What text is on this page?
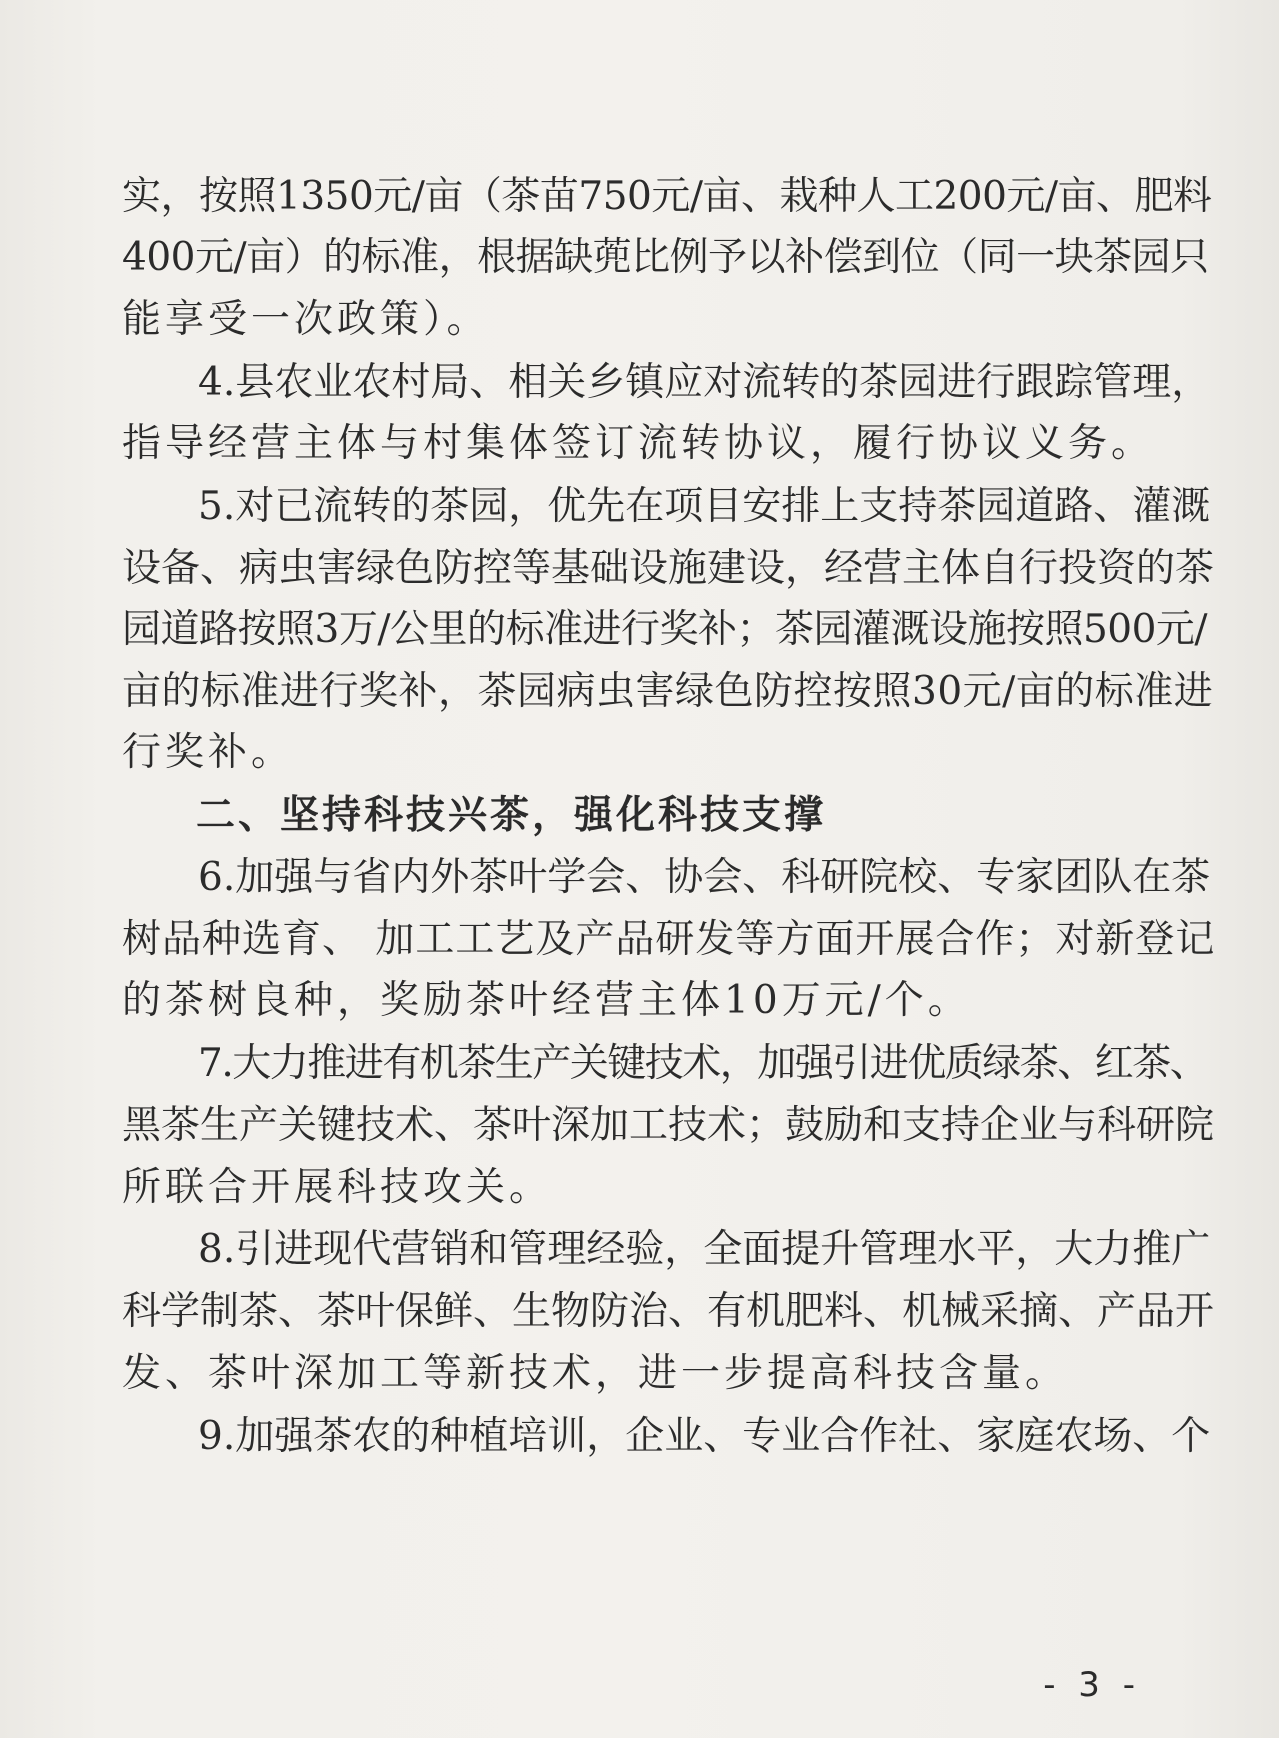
实，按照1350元/亩（茶苗750元/亩、栽种人工200元/亩、肥料

400元/亩）的标准，根据缺蔸比例予以补偿到位（同一块茶园只

能享受一次政策）。

4.县农业农村局、相关乡镇应对流转的茶园进行跟踪管理，

指导经营主体与村集体签订流转协议，履行协议义务。

5.对已流转的茶园，优先在项目安排上支持茶园道路、灌溉

设备、病虫害绿色防控等基础设施建设，经营主体自行投资的茶

园道路按照3万/公里的标准进行奖补；茶园灌溉设施按照500元/

亩的标准进行奖补，茶园病虫害绿色防控按照30元/亩的标准进

行奖补。

二、坚持科技兴茶，强化科技支撑

6.加强与省内外茶叶学会、协会、科研院校、专家团队在茶

树品种选育、 加工工艺及产品研发等方面开展合作；对新登记

的茶树良种，奖励茶叶经营主体10万元/个。

7.大力推进有机茶生产关键技术，加强引进优质绿茶、红茶、

黑茶生产关键技术、茶叶深加工技术；鼓励和支持企业与科研院

所联合开展科技攻关。

8.引进现代营销和管理经验，全面提升管理水平，大力推广

科学制茶、茶叶保鲜、生物防治、有机肥料、机械采摘、产品开

发、茶叶深加工等新技术，进一步提高科技含量。

9.加强茶农的种植培训，企业、专业合作社、家庭农场、个

- 3 -
